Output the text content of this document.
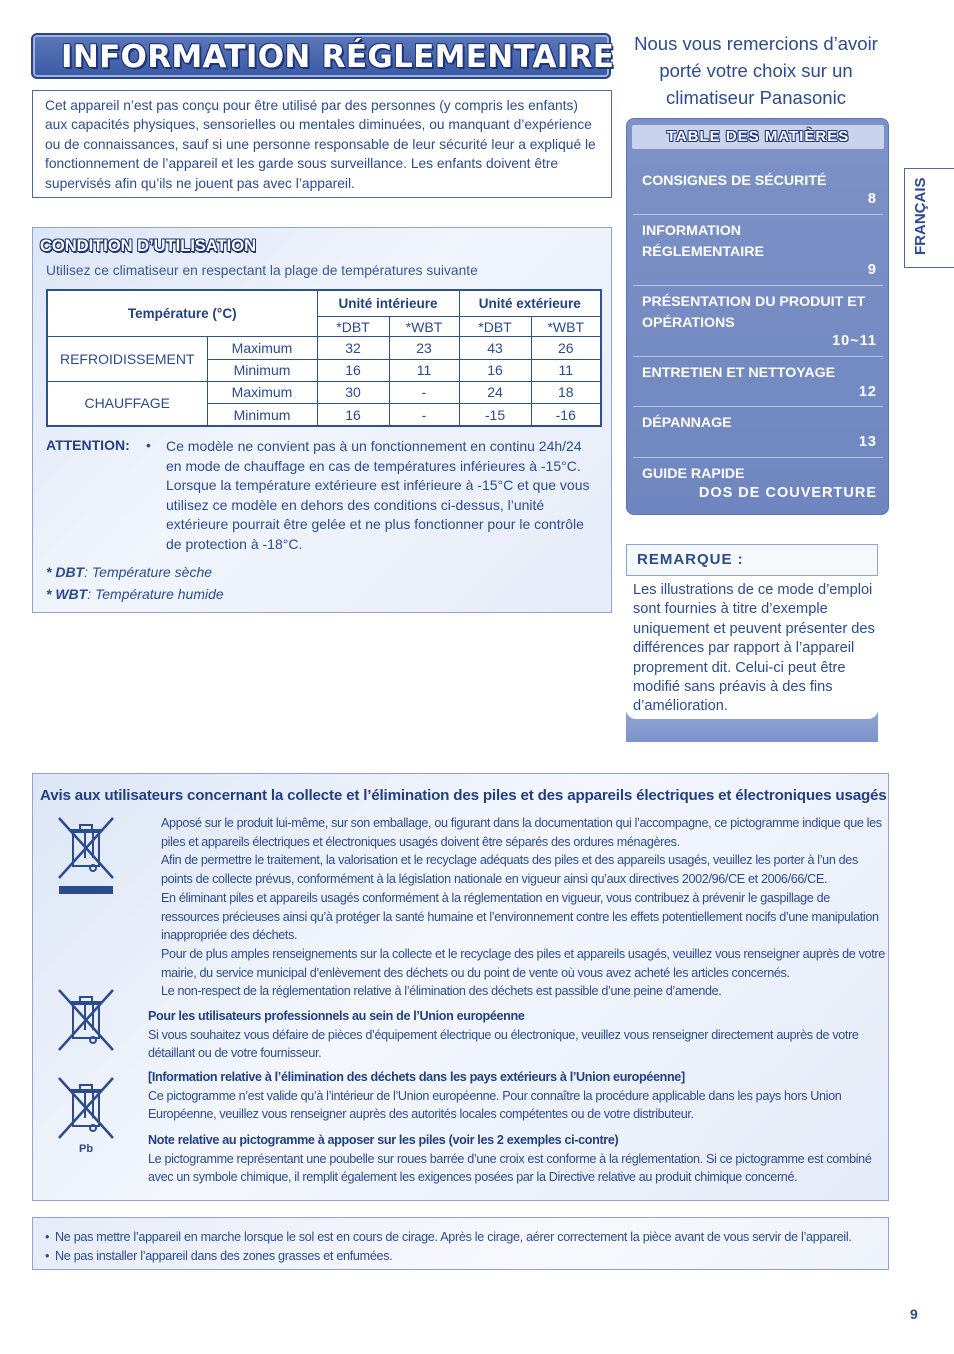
INFORMATION RÉGLEMENTAIRE
Cet appareil n’est pas conçu pour être utilisé par des personnes (y compris les enfants) aux capacités physiques, sensorielles ou mentales diminuées, ou manquant d’expérience ou de connaissances, sauf si une personne responsable de leur sécurité leur a expliqué le fonctionnement de l’appareil et les garde sous surveillance. Les enfants doivent être supervisés afin qu’ils ne jouent pas avec l’appareil.
CONDITION D’UTILISATION
Utilisez ce climatiseur en respectant la plage de températures suivante
Température (°C)		Unité intérieure		Unité extérieure	
		*DBT	*WBT	*DBT	*WBT
REFROIDISSEMENT	Maximum	32	23	43	26
	Minimum	16	11	16	11
CHAUFFAGE	Maximum	30	-	24	18
	Minimum	16	-	-15	-16
ATTENTION:	• Ce modèle ne convient pas à un fonctionnement en continu 24h/24 en mode de chauffage en cas de températures inférieures à -15°C. Lorsque la température extérieure est inférieure à -15°C et que vous utilisez ce modèle en dehors des conditions ci-dessus, l’unité extérieure pourrait être gelée et ne plus fonctionner pour le contrôle de protection à -18°C.
* DBT: Température sèche
* WBT: Température humide
Nous vous remercions d’avoir porté votre choix sur un climatiseur Panasonic
TABLE DES MATIÈRES
CONSIGNES DE SÉCURITÉ
8
INFORMATION RÉGLEMENTAIRE
9
PRÉSENTATION DU PRODUIT ET OPÉRATIONS
10~11
ENTRETIEN ET NETTOYAGE
12
DÉPANNAGE
13
GUIDE RAPIDE
DOS DE COUVERTURE
FRANÇAIS
REMARQUE :
Les illustrations de ce mode d’emploi sont fournies à titre d’exemple uniquement et peuvent présenter des différences par rapport à l’appareil proprement dit. Celui-ci peut être modifié sans préavis à des fins d’amélioration.
Avis aux utilisateurs concernant la collecte et l’élimination des piles et des appareils électriques et électroniques usagés
Pb
Apposé sur le produit lui-même, sur son emballage, ou figurant dans la documentation qui l’accompagne, ce pictogramme indique que les piles et appareils électriques et électroniques usagés doivent être séparés des ordures ménagères.
Afin de permettre le traitement, la valorisation et le recyclage adéquats des piles et des appareils usagés, veuillez les porter à l’un des points de collecte prévus, conformément à la législation nationale en vigueur ainsi qu’aux directives 2002/96/CE et 2006/66/CE.
En éliminant piles et appareils usagés conformément à la réglementation en vigueur, vous contribuez à prévenir le gaspillage de ressources précieuses ainsi qu’à protéger la santé humaine et l’environnement contre les effets potentiellement nocifs d’une manipulation inappropriée des déchets.
Pour de plus amples renseignements sur la collecte et le recyclage des piles et appareils usagés, veuillez vous renseigner auprès de votre mairie, du service municipal d’enlèvement des déchets ou du point de vente où vous avez acheté les articles concernés.
Le non-respect de la réglementation relative à l’élimination des déchets est passible d’une peine d’amende.
Pour les utilisateurs professionnels au sein de l’Union européenne
Si vous souhaitez vous défaire de pièces d’équipement électrique ou électronique, veuillez vous renseigner directement auprès de votre détaillant ou de votre fournisseur.
[Information relative à l’élimination des déchets dans les pays extérieurs à l’Union européenne]
Ce pictogramme n’est valide qu’à l’intérieur de l’Union européenne. Pour connaître la procédure applicable dans les pays hors Union Européenne, veuillez vous renseigner auprès des autorités locales compétentes ou de votre distributeur.
Note relative au pictogramme à apposer sur les piles (voir les 2 exemples ci-contre)
Le pictogramme représentant une poubelle sur roues barrée d’une croix est conforme à la réglementation. Si ce pictogramme est combiné avec un symbole chimique, il remplit également les exigences posées par la Directive relative au produit chimique concerné.
• Ne pas mettre l’appareil en marche lorsque le sol est en cours de cirage. Après le cirage, aérer correctement la pièce avant de vous servir de l’appareil.
• Ne pas installer l’appareil dans des zones grasses et enfumées.
9
